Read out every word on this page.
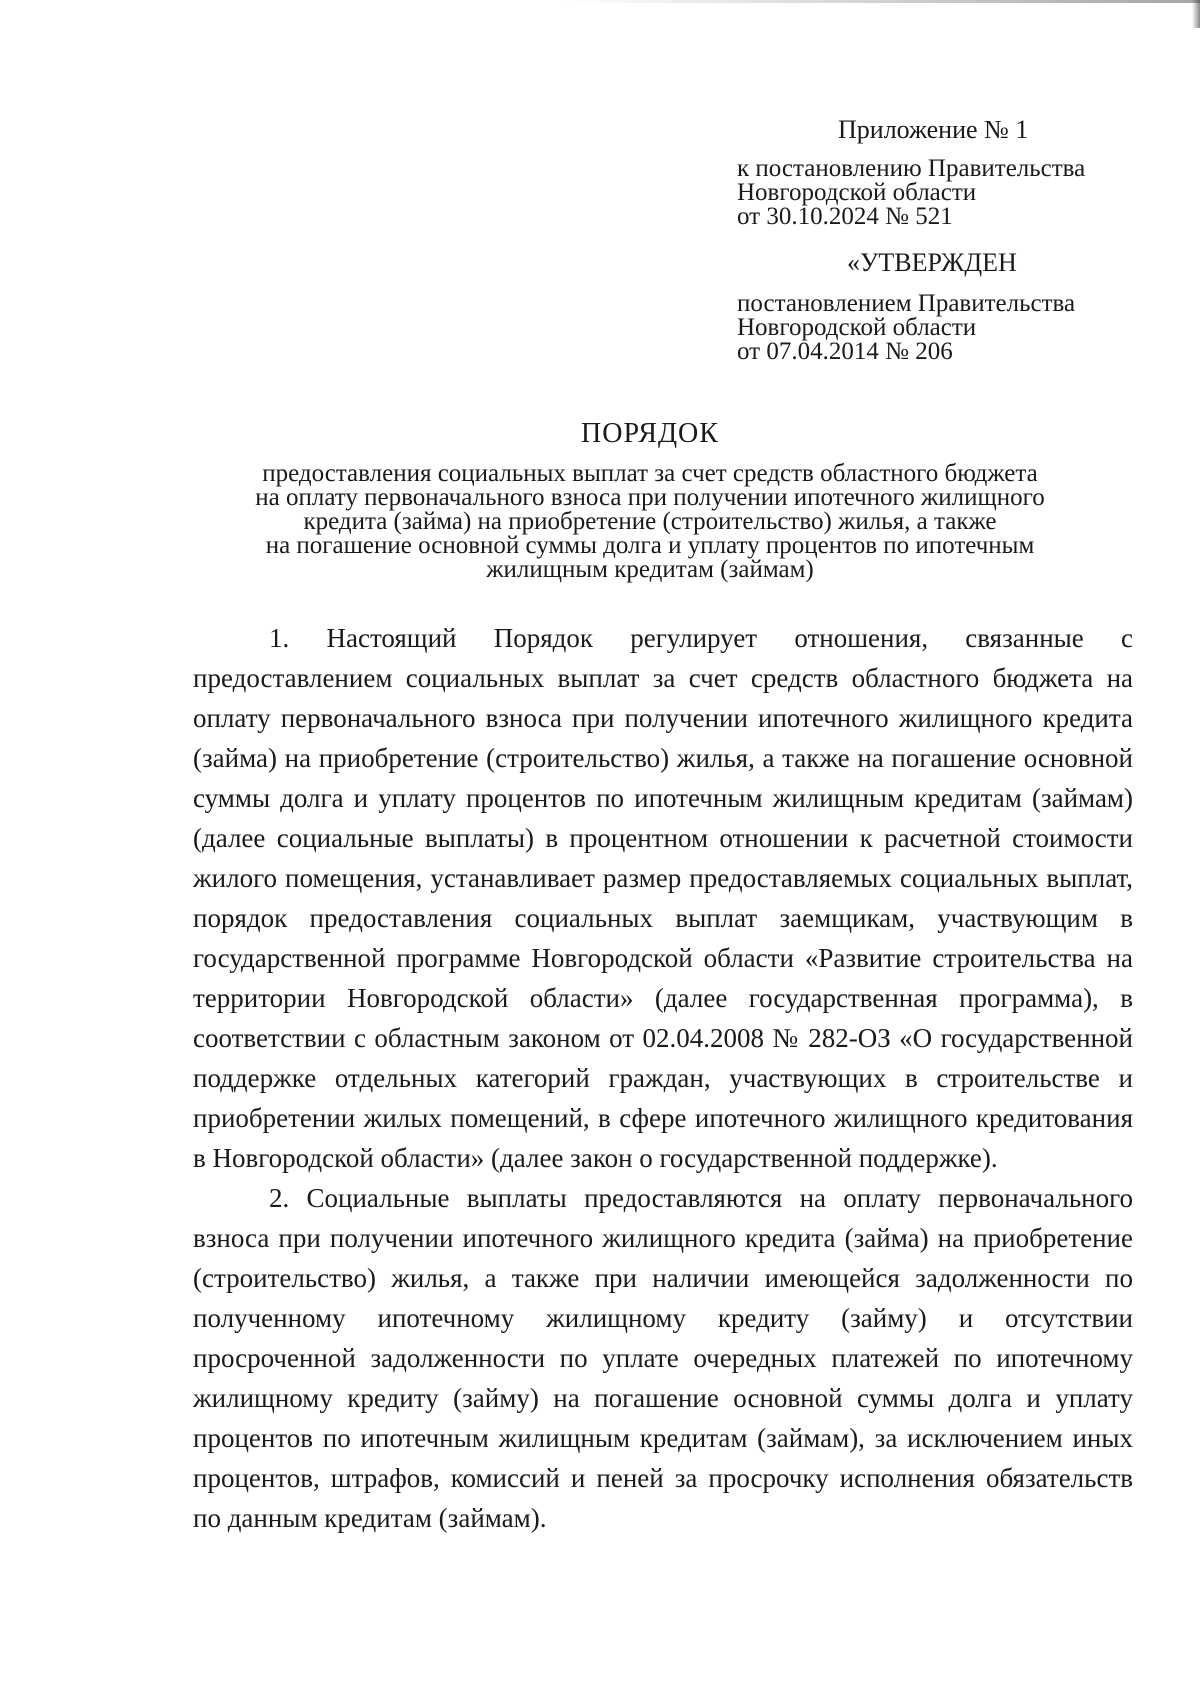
Приложение № 1
к постановлению Правительства
Новгородской области
от 30.10.2024 № 521
«УТВЕРЖДЕН
постановлением Правительства
Новгородской области
от 07.04.2014 № 206
ПОРЯДОК
предоставления социальных выплат за счет средств областного бюджета
на оплату первоначального взноса при получении ипотечного жилищного
кредита (займа) на приобретение (строительство) жилья, а также
на погашение основной суммы долга и уплату процентов по ипотечным
жилищным кредитам (займам)

1. Настоящий Порядок регулирует отношения, связанные с предоставлением социальных выплат за счет средств областного бюджета на оплату первоначального взноса при получении ипотечного жилищного кредита (займа) на приобретение (строительство) жилья, а также на погашение основной суммы долга и уплату процентов по ипотечным жилищным кредитам (займам) (далее социальные выплаты) в процентном отношении к расчетной стоимости жилого помещения, устанавливает размер предоставляемых социальных выплат, порядок предоставления социальных выплат заемщикам, участвующим в государственной программе Новгородской области «Развитие строительства на территории Новгородской области» (далее государственная программа), в соответствии с областным законом от 02.04.2008 № 282-ОЗ «О государственной поддержке отдельных категорий граждан, участвующих в строительстве и приобретении жилых помещений, в сфере ипотечного жилищного кредитования в Новгородской области» (далее закон о государственной поддержке).

2. Социальные выплаты предоставляются на оплату первоначального взноса при получении ипотечного жилищного кредита (займа) на приобретение (строительство) жилья, а также при наличии имеющейся задолженности по полученному ипотечному жилищному кредиту (займу) и отсутствии просроченной задолженности по уплате очередных платежей по ипотечному жилищному кредиту (займу) на погашение основной суммы долга и уплату процентов по ипотечным жилищным кредитам (займам), за исключением иных процентов, штрафов, комиссий и пеней за просрочку исполнения обязательств по данным кредитам (займам).
